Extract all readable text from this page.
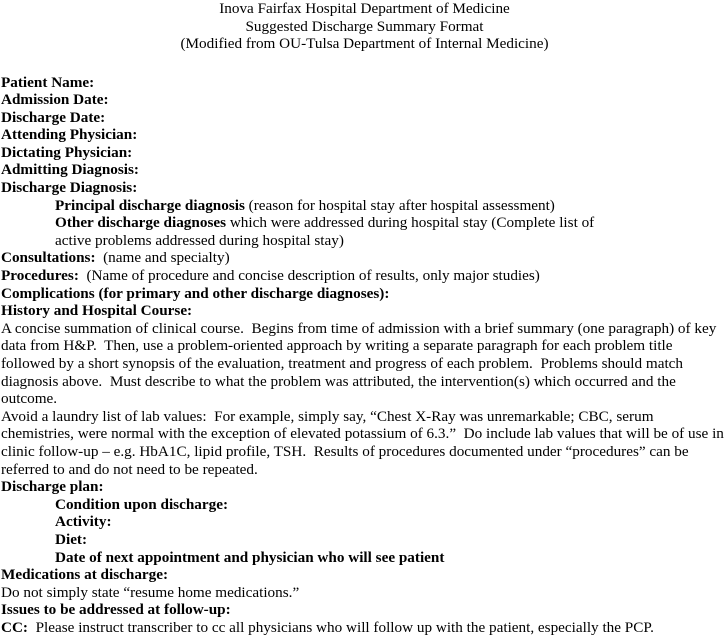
Inova Fairfax Hospital Department of Medicine
Suggested Discharge Summary Format
(Modified from OU-Tulsa Department of Internal Medicine)
Patient Name:
Admission Date:
Discharge Date:
Attending Physician:
Dictating Physician:
Admitting Diagnosis:
Discharge Diagnosis:
Principal discharge diagnosis (reason for hospital stay after hospital assessment)
Other discharge diagnoses which were addressed during hospital stay (Complete list of
active problems addressed during hospital stay)
Consultations:  (name and specialty)
Procedures:  (Name of procedure and concise description of results, only major studies)
Complications (for primary and other discharge diagnoses):
History and Hospital Course:
A concise summation of clinical course.  Begins from time of admission with a brief summary (one paragraph) of key
data from H&P.  Then, use a problem-oriented approach by writing a separate paragraph for each problem title
followed by a short synopsis of the evaluation, treatment and progress of each problem.  Problems should match
diagnosis above.  Must describe to what the problem was attributed, the intervention(s) which occurred and the
outcome.
Avoid a laundry list of lab values:  For example, simply say, “Chest X-Ray was unremarkable; CBC, serum
chemistries, were normal with the exception of elevated potassium of 6.3.”  Do include lab values that will be of use in
clinic follow-up – e.g. HbA1C, lipid profile, TSH.  Results of procedures documented under “procedures” can be
referred to and do not need to be repeated.
Discharge plan:
Condition upon discharge:
Activity:
Diet:
Date of next appointment and physician who will see patient
Medications at discharge:
Do not simply state “resume home medications.”
Issues to be addressed at follow-up:
CC:  Please instruct transcriber to cc all physicians who will follow up with the patient, especially the PCP.
